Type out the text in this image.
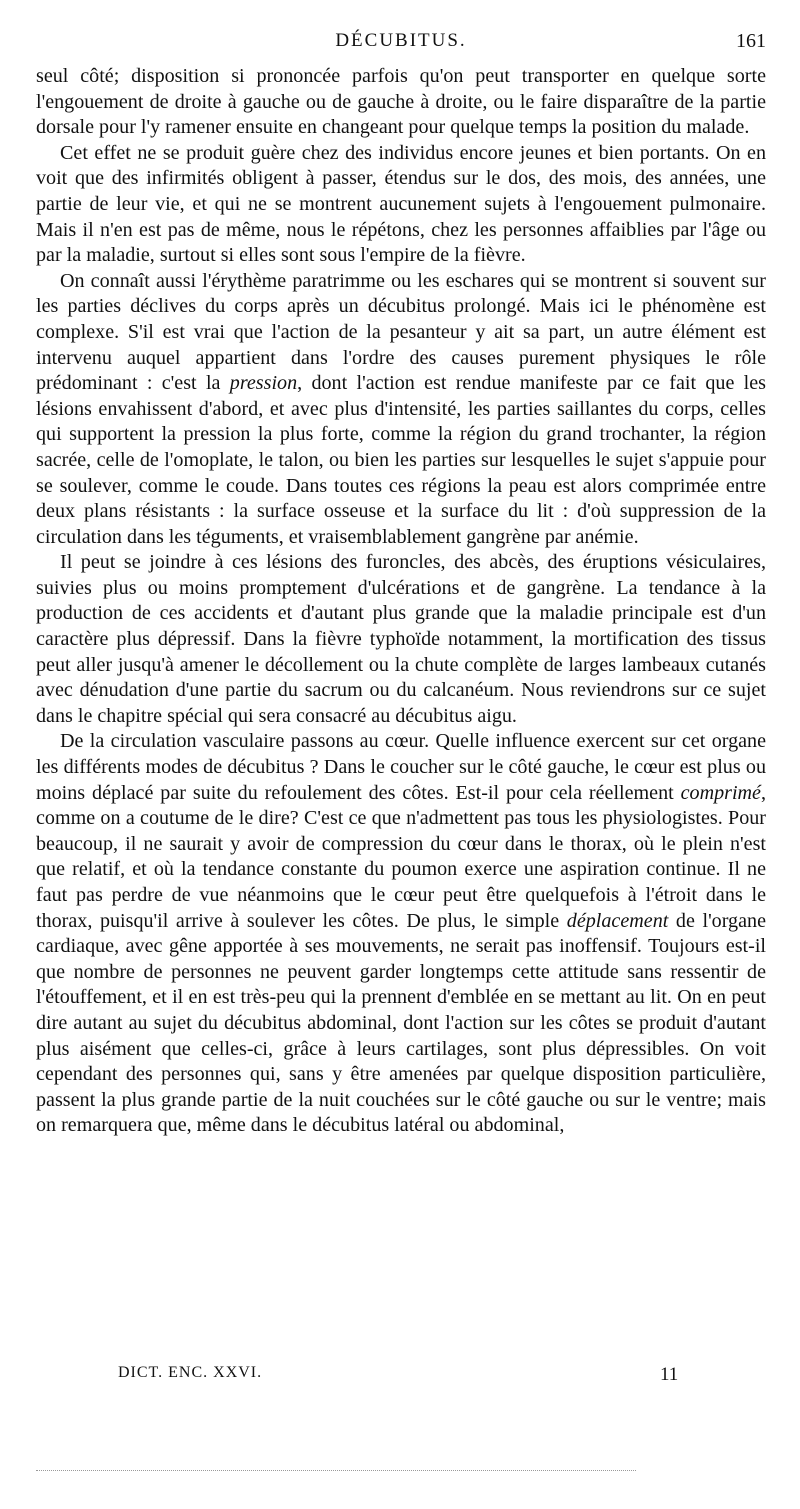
DÉCUBITUS.	161

seul côté; disposition si prononcée parfois qu'on peut transporter en quelque sorte l'engouement de droite à gauche ou de gauche à droite, ou le faire disparaître de la partie dorsale pour l'y ramener ensuite en changeant pour quelque temps la position du malade.

Cet effet ne se produit guère chez des individus encore jeunes et bien portants. On en voit que des infirmités obligent à passer, étendus sur le dos, des mois, des années, une partie de leur vie, et qui ne se montrent aucunement sujets à l'engouement pulmonaire. Mais il n'en est pas de même, nous le répétons, chez les personnes affaiblies par l'âge ou par la maladie, surtout si elles sont sous l'empire de la fièvre.

On connaît aussi l'érythème paratrimme ou les eschares qui se montrent si souvent sur les parties déclives du corps après un décubitus prolongé. Mais ici le phénomène est complexe. S'il est vrai que l'action de la pesanteur y ait sa part, un autre élément est intervenu auquel appartient dans l'ordre des causes purement physiques le rôle prédominant : c'est la pression, dont l'action est rendue manifeste par ce fait que les lésions envahissent d'abord, et avec plus d'intensité, les parties saillantes du corps, celles qui supportent la pression la plus forte, comme la région du grand trochanter, la région sacrée, celle de l'omoplate, le talon, ou bien les parties sur lesquelles le sujet s'appuie pour se soulever, comme le coude. Dans toutes ces régions la peau est alors comprimée entre deux plans résistants : la surface osseuse et la surface du lit : d'où suppression de la circulation dans les téguments, et vraisemblablement gangrène par anémie.

Il peut se joindre à ces lésions des furoncles, des abcès, des éruptions vésiculaires, suivies plus ou moins promptement d'ulcérations et de gangrène. La tendance à la production de ces accidents et d'autant plus grande que la maladie principale est d'un caractère plus dépressif. Dans la fièvre typhoïde notamment, la mortification des tissus peut aller jusqu'à amener le décollement ou la chute complète de larges lambeaux cutanés avec dénudation d'une partie du sacrum ou du calcanéum. Nous reviendrons sur ce sujet dans le chapitre spécial qui sera consacré au décubitus aigu.

De la circulation vasculaire passons au cœur. Quelle influence exercent sur cet organe les différents modes de décubitus ? Dans le coucher sur le côté gauche, le cœur est plus ou moins déplacé par suite du refoulement des côtes. Est-il pour cela réellement comprimé, comme on a coutume de le dire? C'est ce que n'admettent pas tous les physiologistes. Pour beaucoup, il ne saurait y avoir de compression du cœur dans le thorax, où le plein n'est que relatif, et où la tendance constante du poumon exerce une aspiration continue. Il ne faut pas perdre de vue néanmoins que le cœur peut être quelquefois à l'étroit dans le thorax, puisqu'il arrive à soulever les côtes. De plus, le simple déplacement de l'organe cardiaque, avec gêne apportée à ses mouvements, ne serait pas inoffensif. Toujours est-il que nombre de personnes ne peuvent garder longtemps cette attitude sans ressentir de l'étouffement, et il en est très-peu qui la prennent d'emblée en se mettant au lit. On en peut dire autant au sujet du décubitus abdominal, dont l'action sur les côtes se produit d'autant plus aisément que celles-ci, grâce à leurs cartilages, sont plus dépressibles. On voit cependant des personnes qui, sans y être amenées par quelque disposition particulière, passent la plus grande partie de la nuit couchées sur le côté gauche ou sur le ventre; mais on remarquera que, même dans le décubitus latéral ou abdominal,

DICT. ENC. XXVI.	11
